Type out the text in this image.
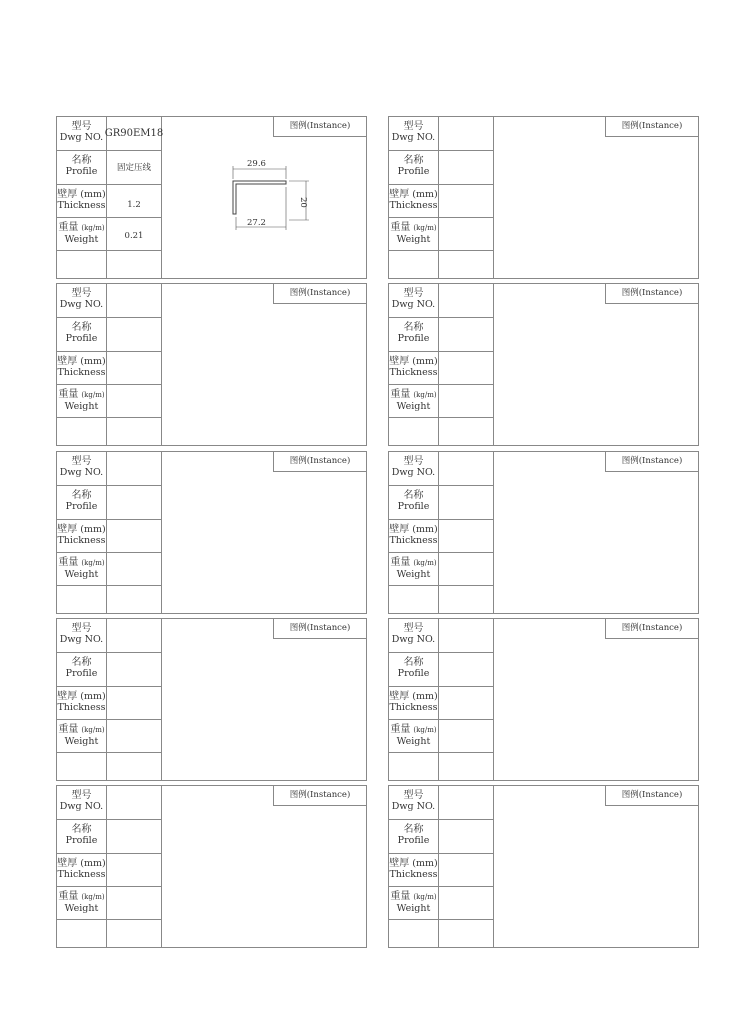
型号
Dwg NO. GR90EM18
名称
Profile	固定压线
壁厚 (mm)
Thickness	1.2
重量 (kg/m)
Weight	0.21
图例(Instance)
29.6
27.2
20
型号
Dwg NO.
名称
Profile
壁厚 (mm)
Thickness
重量 (kg/m)
Weight
图例(Instance)
型号
Dwg NO.
名称
Profile
壁厚 (mm)
Thickness
重量 (kg/m)
Weight
图例(Instance)	型号
Dwg NO.
名称
Profile
壁厚 (mm)
Thickness
重量 (kg/m)
Weight
图例(Instance)
型号
Dwg NO.
名称
Profile
壁厚 (mm)
Thickness
重量 (kg/m)
Weight
图例(Instance)	型号
Dwg NO.
名称
Profile
壁厚 (mm)
Thickness
重量 (kg/m)
Weight
图例(Instance)
型号
Dwg NO.
名称
Profile
壁厚 (mm)
Thickness
重量 (kg/m)
Weight
图例(Instance)	型号
Dwg NO.
名称
Profile
壁厚 (mm)
Thickness
重量 (kg/m)
Weight
图例(Instance)
型号
Dwg NO.
名称
Profile
壁厚 (mm)
Thickness
重量 (kg/m)
Weight
图例(Instance)	型号
Dwg NO.
名称
Profile
壁厚 (mm)
Thickness
重量 (kg/m)
Weight
图例(Instance)
